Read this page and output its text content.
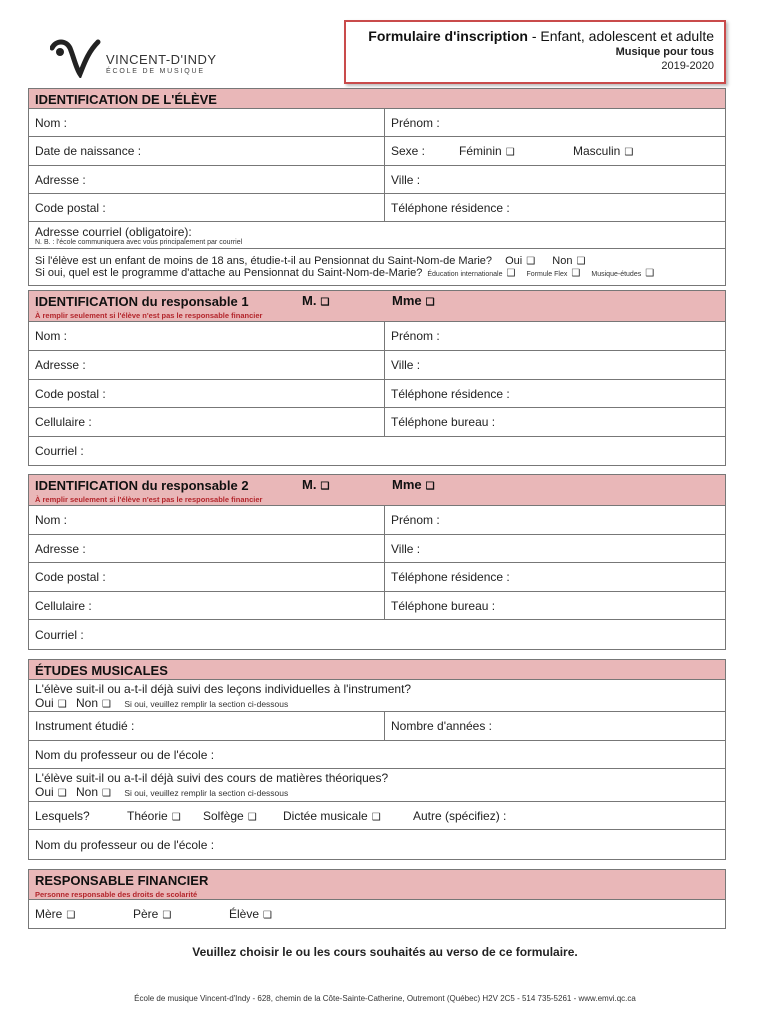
VINCENT-D'INDY
ÉCOLE DE MUSIQUE
Formulaire d'inscription - Enfant, adolescent et adulte
Musique pour tous
2019-2020
IDENTIFICATION DE L'ÉLÈVE
Nom :	Prénom :
Date de naissance :	Sexe :	Féminin ❑	Masculin ❑
Adresse :	Ville :
Code postal :	Téléphone résidence :
Adresse courriel (obligatoire):
N. B. : l'école communiquera avec vous principalement par courriel
Si l'élève est un enfant de moins de 18 ans, étudie-t-il au Pensionnat du Saint-Nom-de Marie? Oui ❑ Non ❑
Si oui, quel est le programme d'attache au Pensionnat du Saint-Nom-de-Marie? Éducation internationale ❑ Formule Flex ❑ Musique-études ❑
IDENTIFICATION du responsable 1	M. ❑	Mme ❑
À remplir seulement si l'élève n'est pas le responsable financier
Nom :	Prénom :
Adresse :	Ville :
Code postal :	Téléphone résidence :
Cellulaire :	Téléphone bureau :
Courriel :
IDENTIFICATION du responsable 2	M. ❑	Mme ❑
À remplir seulement si l'élève n'est pas le responsable financier
Nom :	Prénom :
Adresse :	Ville :
Code postal :	Téléphone résidence :
Cellulaire :	Téléphone bureau :
Courriel :
ÉTUDES MUSICALES
L'élève suit-il ou a-t-il déjà suivi des leçons individuelles à l'instrument?
Oui ❑ Non ❑ Si oui, veuillez remplir la section ci-dessous
Instrument étudié :	Nombre d'années :
Nom du professeur ou de l'école :
L'élève suit-il ou a-t-il déjà suivi des cours de matières théoriques?
Oui ❑ Non ❑ Si oui, veuillez remplir la section ci-dessous
Lesquels?	Théorie ❑	Solfège ❑	Dictée musicale ❑	Autre (spécifiez) :
Nom du professeur ou de l'école :
RESPONSABLE FINANCIER
Personne responsable des droits de scolarité
Mère ❑	Père ❑	Élève ❑
Veuillez choisir le ou les cours souhaités au verso de ce formulaire.
École de musique Vincent-d'Indy - 628, chemin de la Côte-Sainte-Catherine, Outremont (Québec) H2V 2C5 - 514 735-5261 - www.emvi.qc.ca
